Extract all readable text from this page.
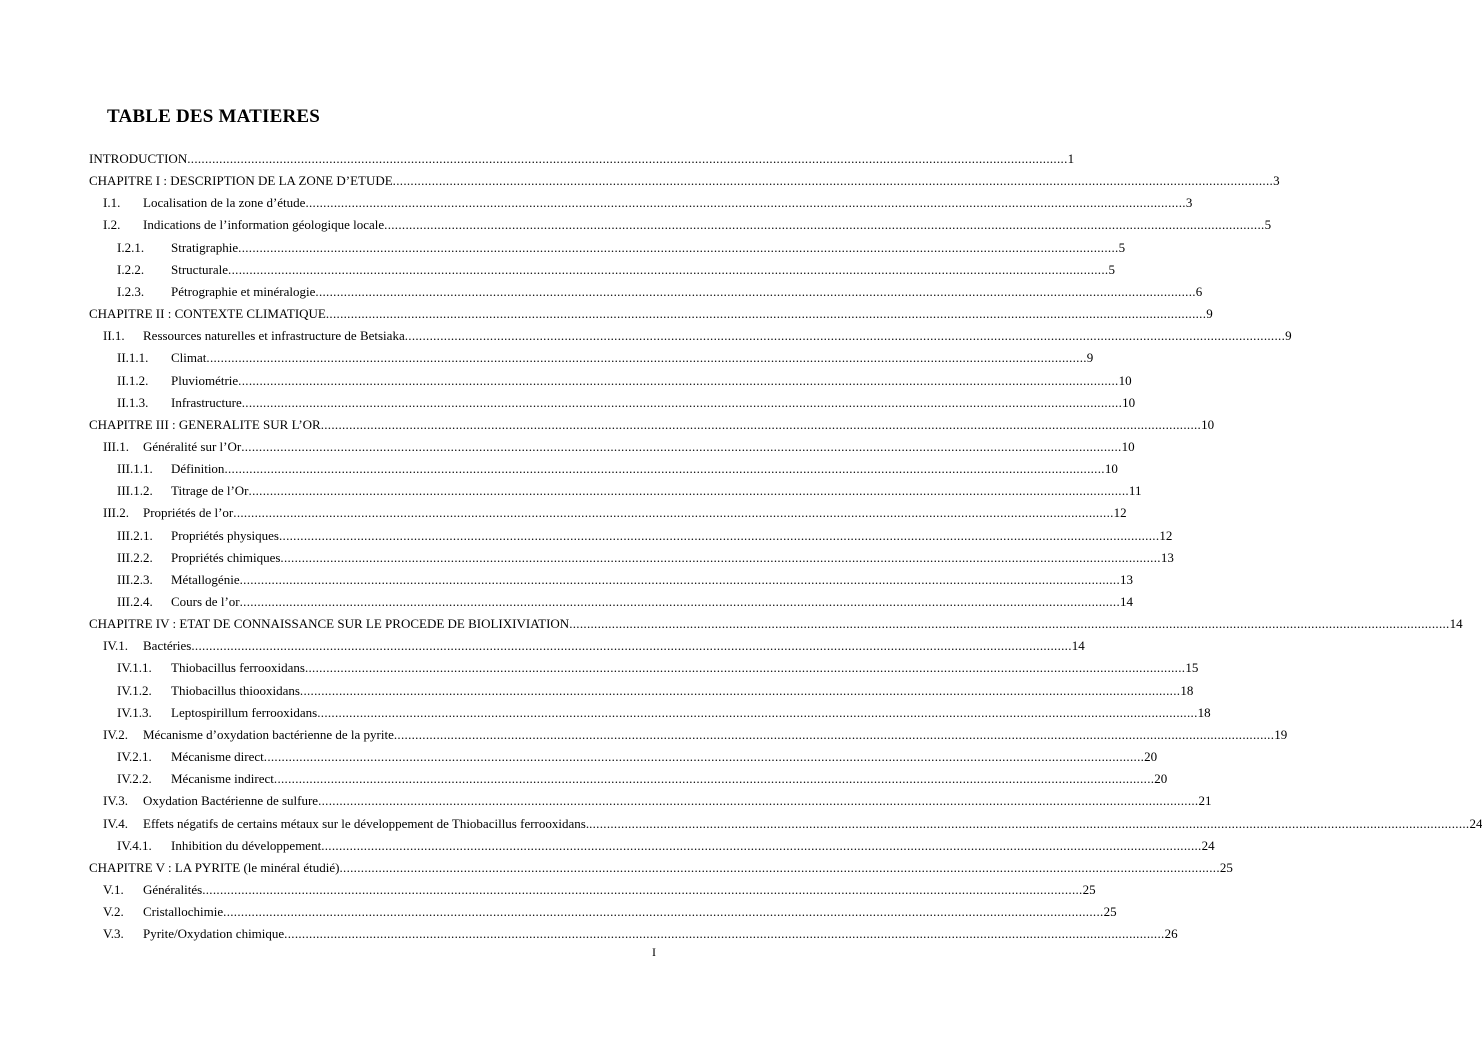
TABLE DES MATIERES
INTRODUCTION .....	1
CHAPITRE I : DESCRIPTION DE LA ZONE D’ETUDE .....	3
I.1.	Localisation de la zone d’étude .....	3
I.2.	Indications de l’information géologique locale .....	5
I.2.1.	Stratigraphie .....	5
I.2.2.	Structurale .....	5
I.2.3.	Pétrographie et minéralogie .....	6
CHAPITRE II : CONTEXTE CLIMATIQUE .....	9
II.1.	Ressources naturelles et infrastructure de Betsiaka .....	9
II.1.1.	Climat .....	9
II.1.2.	Pluviométrie .....	10
II.1.3.	Infrastructure .....	10
CHAPITRE III : GENERALITE SUR L’OR .....	10
III.1.	Généralité sur l’Or .....	10
III.1.1.	Définition .....	10
III.1.2.	Titrage de l’Or .....	11
III.2.	Propriétés de l’or .....	12
III.2.1.	Propriétés physiques .....	12
III.2.2.	Propriétés chimiques .....	13
III.2.3.	Métallogénie .....	13
III.2.4.	Cours de l’or .....	14
CHAPITRE IV : ETAT DE CONNAISSANCE SUR LE PROCEDE DE BIOLIXIVIATION .....	14
IV.1.	Bactéries .....	14
IV.1.1.	Thiobacillus ferrooxidans .....	15
IV.1.2.	Thiobacillus thiooxidans .....	18
IV.1.3.	Leptospirillum ferrooxidans .....	18
IV.2.	Mécanisme d’oxydation bactérienne de la pyrite .....	19
IV.2.1.	Mécanisme direct .....	20
IV.2.2.	Mécanisme indirect .....	20
IV.3.	Oxydation Bactérienne de sulfure .....	21
IV.4.	Effets négatifs de certains métaux sur le développement de Thiobacillus ferrooxidans. .....	24
IV.4.1.	Inhibition du développement .....	24
CHAPITRE V : LA PYRITE (le minéral étudié) .....	25
V.1.	Généralités .....	25
V.2.	Cristallochimie .....	25
V.3.	Pyrite/Oxydation chimique .....	26
I
